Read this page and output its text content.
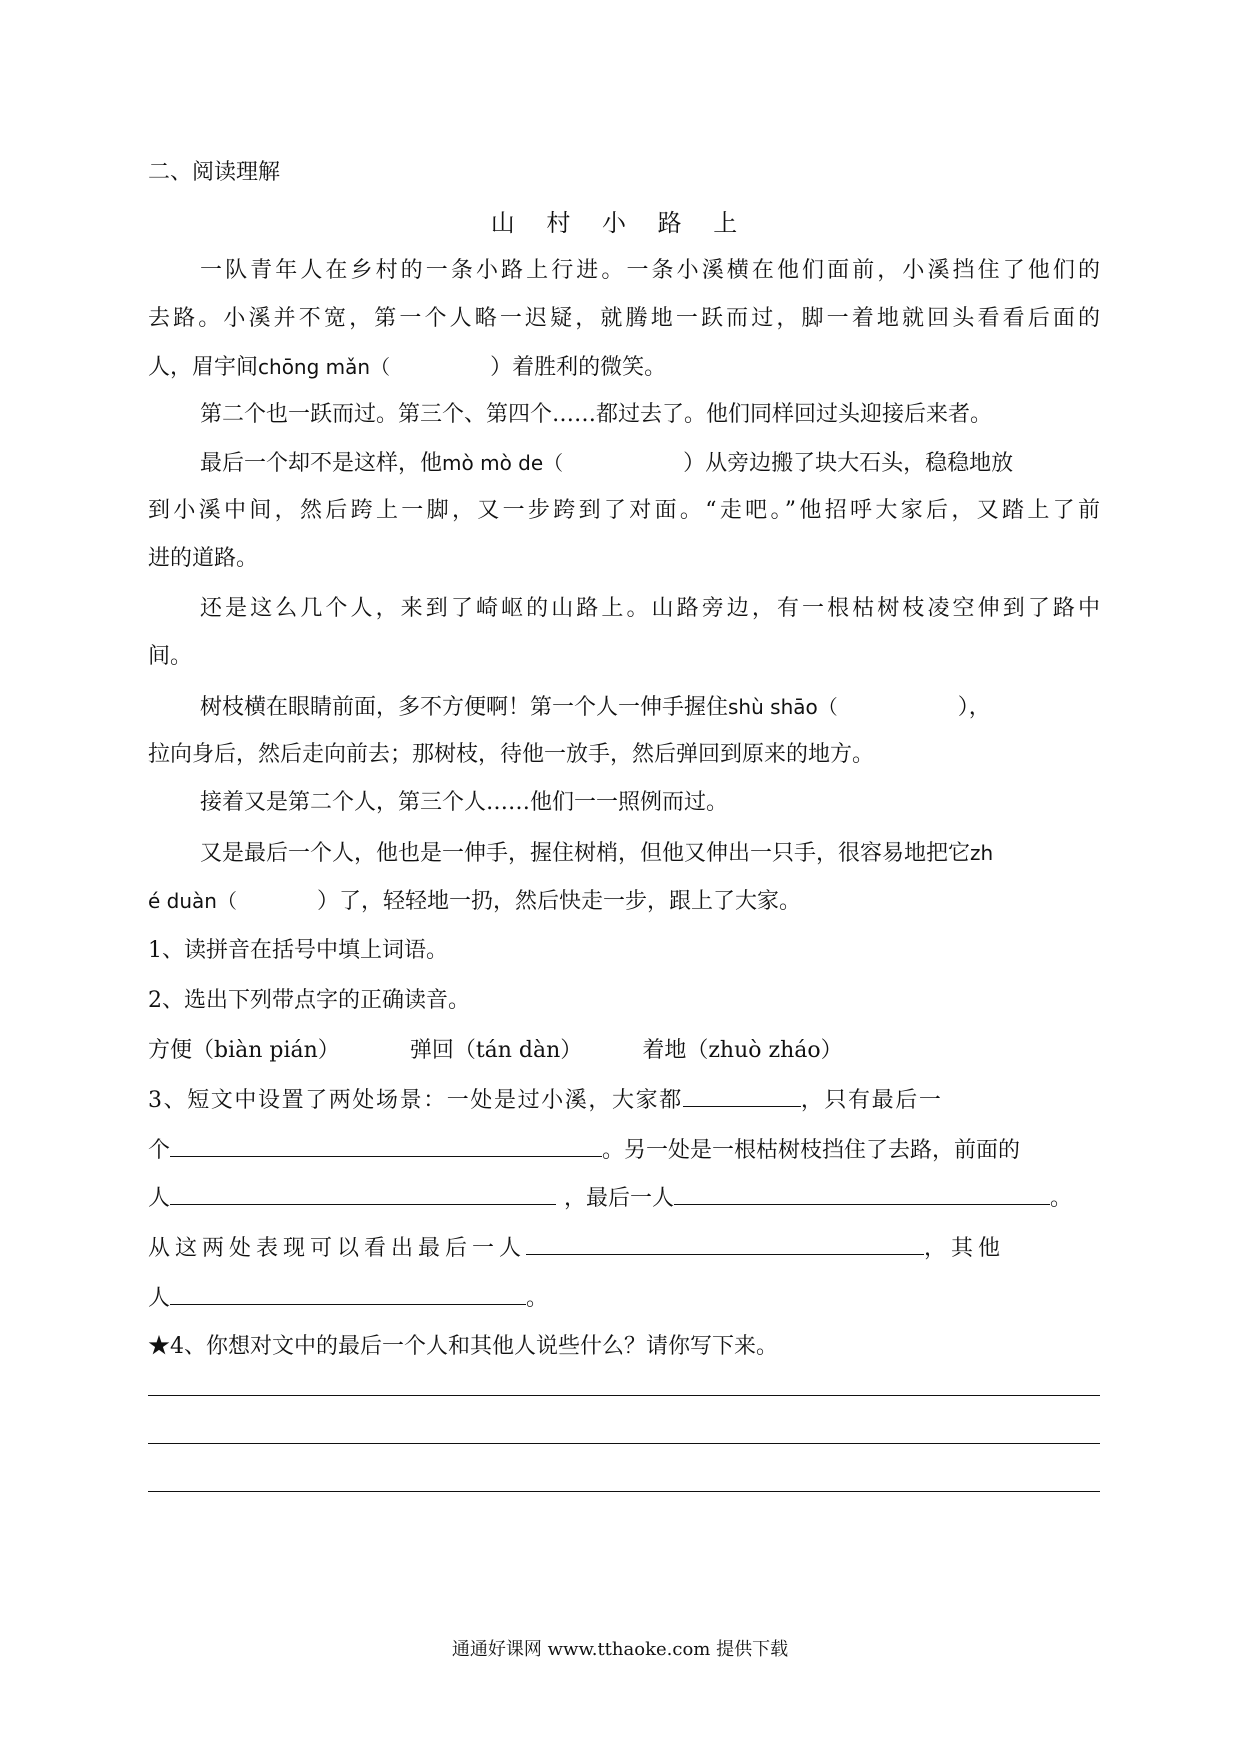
二、阅读理解
山 村 小 路 上
一队青年人在乡村的一条小路上行进。一条小溪横在他们面前，小溪挡住了他们的
去路。小溪并不宽，第一个人略一迟疑，就腾地一跃而过，脚一着地就回头看看后面的
人，眉宇间chōng mǎn（	）着胜利的微笑。
第二个也一跃而过。第三个、第四个……都过去了。他们同样回过头迎接后来者。
最后一个却不是这样，他mò mò de（	）从旁边搬了块大石头，稳稳地放
到小溪中间，然后跨上一脚，又一步跨到了对面。“走吧。”他招呼大家后，又踏上了前
进的道路。
还是这么几个人，来到了崎岖的山路上。山路旁边，有一根枯树枝凌空伸到了路中
间。
树枝横在眼睛前面，多不方便啊！第一个人一伸手握住shù shāo（	），
拉向身后，然后走向前去；那树枝，待他一放手，然后弹回到原来的地方。
接着又是第二个人，第三个人……他们一一照例而过。
又是最后一个人，他也是一伸手，握住树梢，但他又伸出一只手，很容易地把它zh
é duàn（	）了，轻轻地一扔，然后快走一步，跟上了大家。
1、读拼音在括号中填上词语。
2、选出下列带点字的正确读音。
方便（biàn pián）	弹回（tán dàn）	着地（zhuò zháo）
3、短文中设置了两处场景：一处是过小溪，大家都	，只有最后一
个	。另一处是一根枯树枝挡住了去路，前面的
人	，最后一人	。
从这两处表现可以看出最后一人	，其他
人	。
★4、你想对文中的最后一个人和其他人说些什么？请你写下来。
通通好课网 www.tthaoke.com 提供下载
